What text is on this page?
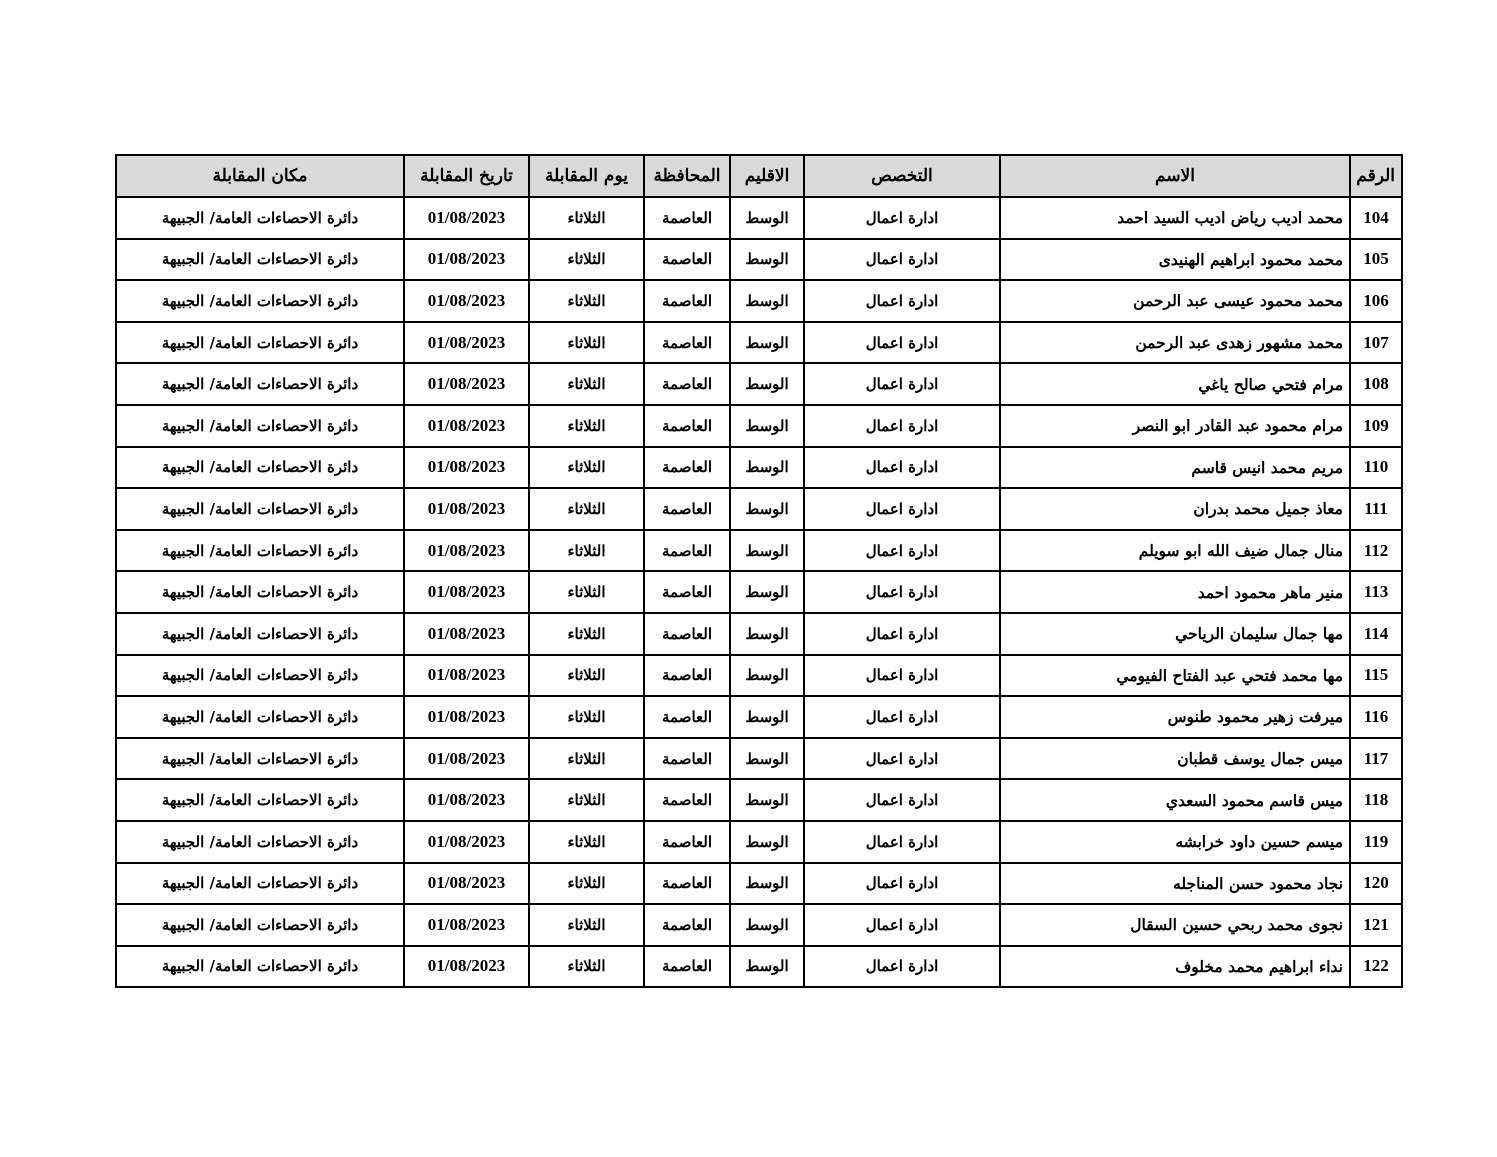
الرقم	الاسم	التخصص	الاقليم	المحافظة	يوم المقابلة	تاريخ المقابلة	مكان المقابلة
104	محمد اديب رياض اديب السيد احمد	ادارة اعمال	الوسط	العاصمة	الثلاثاء	01/08/2023	دائرة الاحصاءات العامة/ الجبيهة
105	محمد محمود ابراهيم الهنيدى	ادارة اعمال	الوسط	العاصمة	الثلاثاء	01/08/2023	دائرة الاحصاءات العامة/ الجبيهة
106	محمد محمود عيسى عبد الرحمن	ادارة اعمال	الوسط	العاصمة	الثلاثاء	01/08/2023	دائرة الاحصاءات العامة/ الجبيهة
107	محمد مشهور زهدى عبد الرحمن	ادارة اعمال	الوسط	العاصمة	الثلاثاء	01/08/2023	دائرة الاحصاءات العامة/ الجبيهة
108	مرام فتحي صالح ياغي	ادارة اعمال	الوسط	العاصمة	الثلاثاء	01/08/2023	دائرة الاحصاءات العامة/ الجبيهة
109	مرام محمود عبد القادر ابو النصر	ادارة اعمال	الوسط	العاصمة	الثلاثاء	01/08/2023	دائرة الاحصاءات العامة/ الجبيهة
110	مريم محمد انيس قاسم	ادارة اعمال	الوسط	العاصمة	الثلاثاء	01/08/2023	دائرة الاحصاءات العامة/ الجبيهة
111	معاذ جميل محمد بدران	ادارة اعمال	الوسط	العاصمة	الثلاثاء	01/08/2023	دائرة الاحصاءات العامة/ الجبيهة
112	منال جمال ضيف الله ابو سويلم	ادارة اعمال	الوسط	العاصمة	الثلاثاء	01/08/2023	دائرة الاحصاءات العامة/ الجبيهة
113	منير ماهر محمود احمد	ادارة اعمال	الوسط	العاصمة	الثلاثاء	01/08/2023	دائرة الاحصاءات العامة/ الجبيهة
114	مها جمال سليمان الرياحي	ادارة اعمال	الوسط	العاصمة	الثلاثاء	01/08/2023	دائرة الاحصاءات العامة/ الجبيهة
115	مها محمد فتحي عبد الفتاح الفيومي	ادارة اعمال	الوسط	العاصمة	الثلاثاء	01/08/2023	دائرة الاحصاءات العامة/ الجبيهة
116	ميرفت زهير محمود طنوس	ادارة اعمال	الوسط	العاصمة	الثلاثاء	01/08/2023	دائرة الاحصاءات العامة/ الجبيهة
117	ميس جمال يوسف قطبان	ادارة اعمال	الوسط	العاصمة	الثلاثاء	01/08/2023	دائرة الاحصاءات العامة/ الجبيهة
118	ميس قاسم محمود السعدي	ادارة اعمال	الوسط	العاصمة	الثلاثاء	01/08/2023	دائرة الاحصاءات العامة/ الجبيهة
119	ميسم حسين داود خرابشه	ادارة اعمال	الوسط	العاصمة	الثلاثاء	01/08/2023	دائرة الاحصاءات العامة/ الجبيهة
120	نجاد محمود حسن المناجله	ادارة اعمال	الوسط	العاصمة	الثلاثاء	01/08/2023	دائرة الاحصاءات العامة/ الجبيهة
121	نجوى محمد ربحي حسين السقال	ادارة اعمال	الوسط	العاصمة	الثلاثاء	01/08/2023	دائرة الاحصاءات العامة/ الجبيهة
122	نداء ابراهيم محمد مخلوف	ادارة اعمال	الوسط	العاصمة	الثلاثاء	01/08/2023	دائرة الاحصاءات العامة/ الجبيهة
